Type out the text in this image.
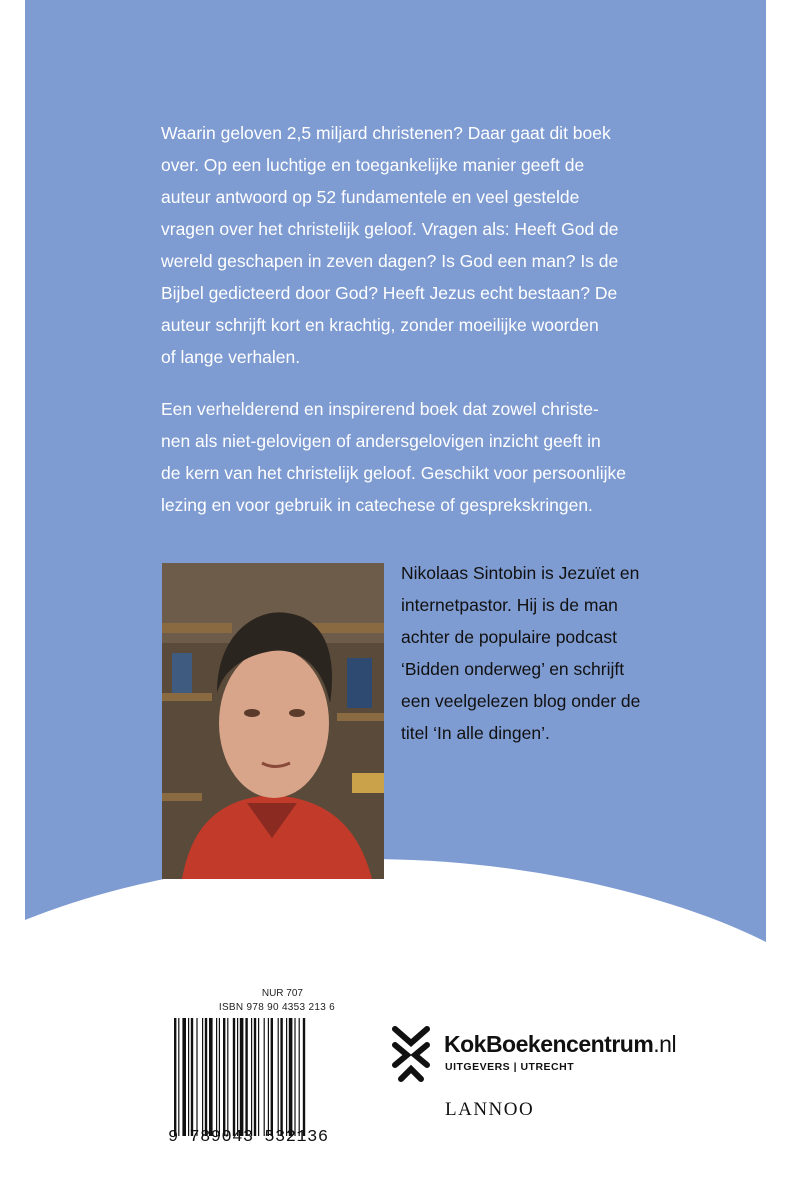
Waarin geloven 2,5 miljard christenen? Daar gaat dit boek
over. Op een luchtige en toegankelijke manier geeft de
auteur antwoord op 52 fundamentele en veel gestelde
vragen over het christelijk geloof. Vragen als: Heeft God de
wereld geschapen in zeven dagen? Is God een man? Is de
Bijbel gedicteerd door God? Heeft Jezus echt bestaan? De
auteur schrijft kort en krachtig, zonder moeilijke woorden
of lange verhalen.

Een verhelderend en inspirerend boek dat zowel christe-
nen als niet-gelovigen of andersgelovigen inzicht geeft in
de kern van het christelijk geloof. Geschikt voor persoonlijke
lezing en voor gebruik in catechese of gesprekskringen.

Nikolaas Sintobin is Jezuïet en
internetpastor. Hij is de man
achter de populaire podcast
‘Bidden onderweg’ en schrijft
een veelgelezen blog onder de
titel ‘In alle dingen’.

NUR 707
ISBN 978 90 4353 213 6
9 789043 532136
KokBoekencentrum.nl
UITGEVERS | UTRECHT
LANNOO
